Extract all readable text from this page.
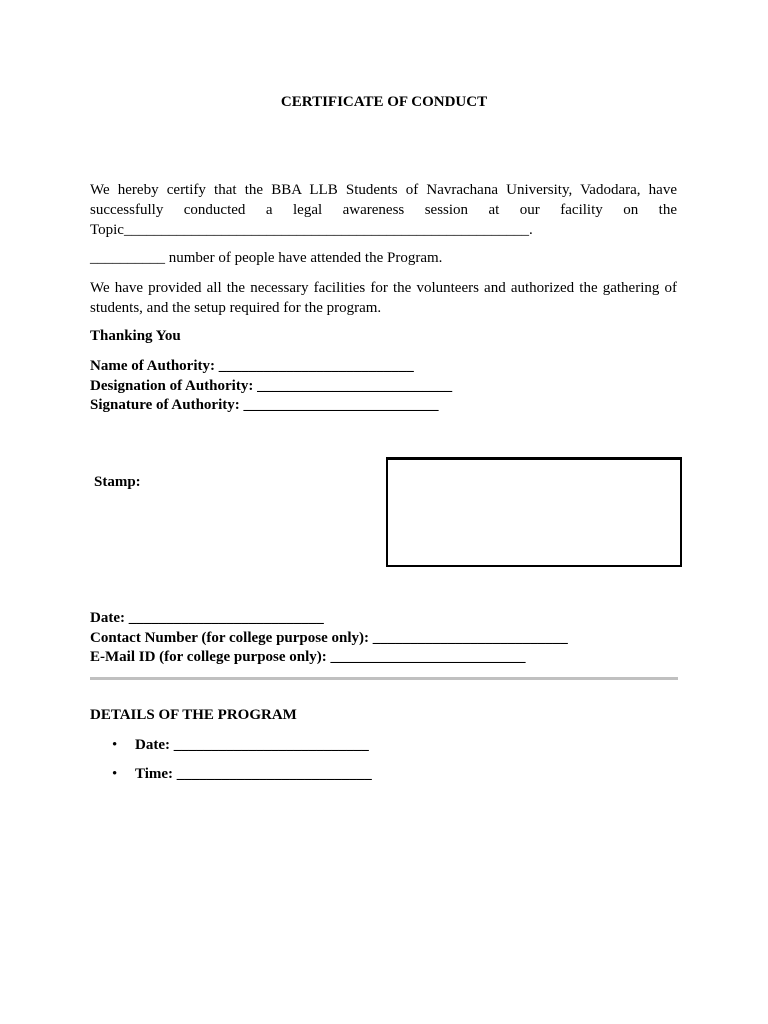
CERTIFICATE OF CONDUCT

We hereby certify that the BBA LLB Students of Navrachana University, Vadodara, have successfully conducted a legal awareness session at our facility on the Topic______________________________________________________.

__________ number of people have attended the Program.

We have provided all the necessary facilities for the volunteers and authorized the gathering of students, and the setup required for the program.

Thanking You

Name of Authority: __________________________

Designation of Authority: __________________________

Signature of Authority: __________________________

Stamp:

Date: __________________________

Contact Number (for college purpose only): __________________________

E-Mail ID (for college purpose only): __________________________

DETAILS OF THE PROGRAM

•

Date: __________________________

•

Time: __________________________
